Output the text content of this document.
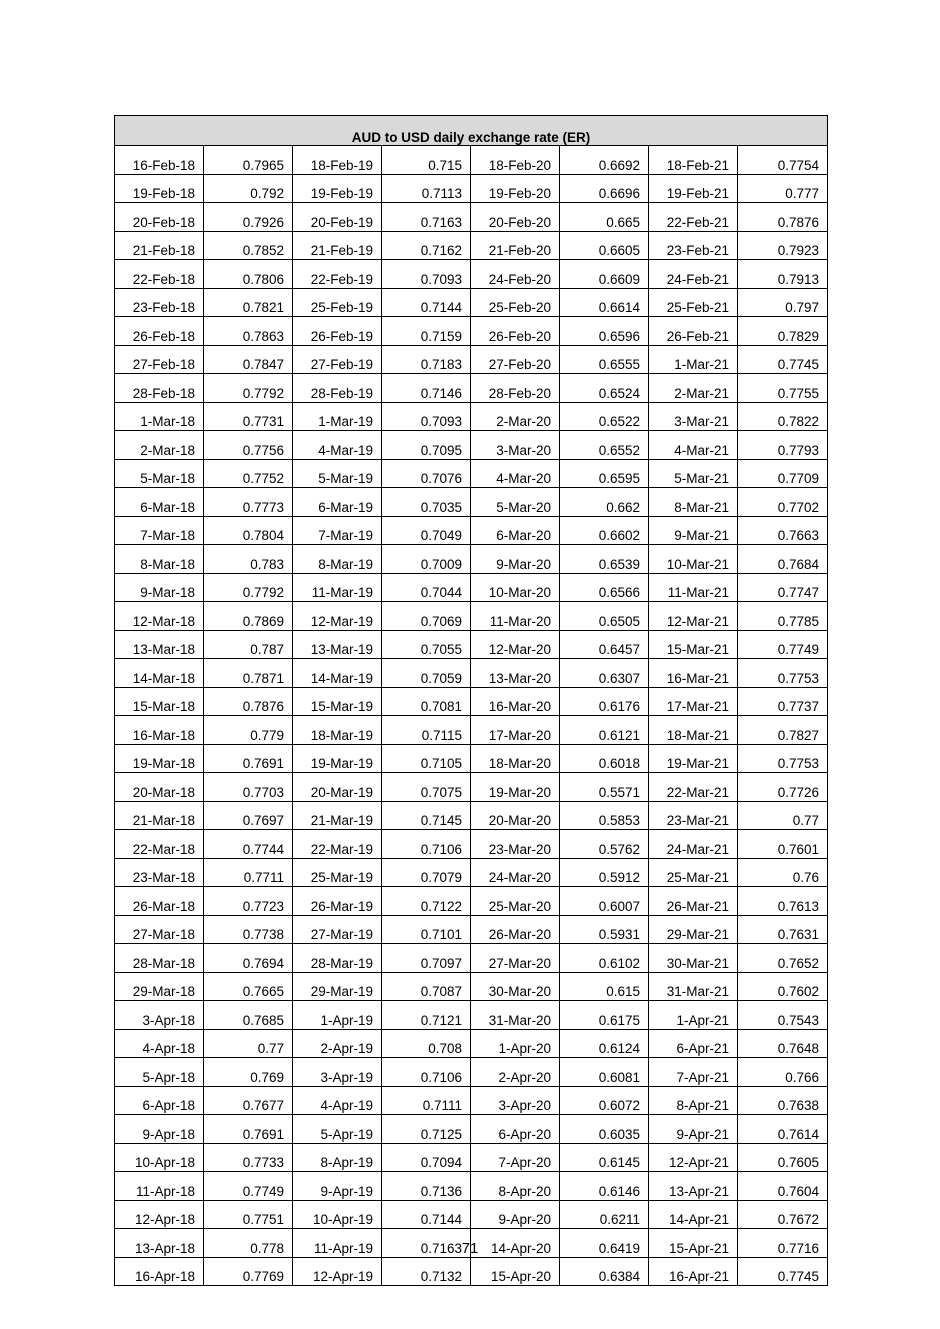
AUD to USD daily exchange rate (ER)							
16-Feb-18	0.7965	18-Feb-19	0.715	18-Feb-20	0.6692	18-Feb-21	0.7754
19-Feb-18	0.792	19-Feb-19	0.7113	19-Feb-20	0.6696	19-Feb-21	0.777
20-Feb-18	0.7926	20-Feb-19	0.7163	20-Feb-20	0.665	22-Feb-21	0.7876
21-Feb-18	0.7852	21-Feb-19	0.7162	21-Feb-20	0.6605	23-Feb-21	0.7923
22-Feb-18	0.7806	22-Feb-19	0.7093	24-Feb-20	0.6609	24-Feb-21	0.7913
23-Feb-18	0.7821	25-Feb-19	0.7144	25-Feb-20	0.6614	25-Feb-21	0.797
26-Feb-18	0.7863	26-Feb-19	0.7159	26-Feb-20	0.6596	26-Feb-21	0.7829
27-Feb-18	0.7847	27-Feb-19	0.7183	27-Feb-20	0.6555	1-Mar-21	0.7745
28-Feb-18	0.7792	28-Feb-19	0.7146	28-Feb-20	0.6524	2-Mar-21	0.7755
1-Mar-18	0.7731	1-Mar-19	0.7093	2-Mar-20	0.6522	3-Mar-21	0.7822
2-Mar-18	0.7756	4-Mar-19	0.7095	3-Mar-20	0.6552	4-Mar-21	0.7793
5-Mar-18	0.7752	5-Mar-19	0.7076	4-Mar-20	0.6595	5-Mar-21	0.7709
6-Mar-18	0.7773	6-Mar-19	0.7035	5-Mar-20	0.662	8-Mar-21	0.7702
7-Mar-18	0.7804	7-Mar-19	0.7049	6-Mar-20	0.6602	9-Mar-21	0.7663
8-Mar-18	0.783	8-Mar-19	0.7009	9-Mar-20	0.6539	10-Mar-21	0.7684
9-Mar-18	0.7792	11-Mar-19	0.7044	10-Mar-20	0.6566	11-Mar-21	0.7747
12-Mar-18	0.7869	12-Mar-19	0.7069	11-Mar-20	0.6505	12-Mar-21	0.7785
13-Mar-18	0.787	13-Mar-19	0.7055	12-Mar-20	0.6457	15-Mar-21	0.7749
14-Mar-18	0.7871	14-Mar-19	0.7059	13-Mar-20	0.6307	16-Mar-21	0.7753
15-Mar-18	0.7876	15-Mar-19	0.7081	16-Mar-20	0.6176	17-Mar-21	0.7737
16-Mar-18	0.779	18-Mar-19	0.7115	17-Mar-20	0.6121	18-Mar-21	0.7827
19-Mar-18	0.7691	19-Mar-19	0.7105	18-Mar-20	0.6018	19-Mar-21	0.7753
20-Mar-18	0.7703	20-Mar-19	0.7075	19-Mar-20	0.5571	22-Mar-21	0.7726
21-Mar-18	0.7697	21-Mar-19	0.7145	20-Mar-20	0.5853	23-Mar-21	0.77
22-Mar-18	0.7744	22-Mar-19	0.7106	23-Mar-20	0.5762	24-Mar-21	0.7601
23-Mar-18	0.7711	25-Mar-19	0.7079	24-Mar-20	0.5912	25-Mar-21	0.76
26-Mar-18	0.7723	26-Mar-19	0.7122	25-Mar-20	0.6007	26-Mar-21	0.7613
27-Mar-18	0.7738	27-Mar-19	0.7101	26-Mar-20	0.5931	29-Mar-21	0.7631
28-Mar-18	0.7694	28-Mar-19	0.7097	27-Mar-20	0.6102	30-Mar-21	0.7652
29-Mar-18	0.7665	29-Mar-19	0.7087	30-Mar-20	0.615	31-Mar-21	0.7602
3-Apr-18	0.7685	1-Apr-19	0.7121	31-Mar-20	0.6175	1-Apr-21	0.7543
4-Apr-18	0.77	2-Apr-19	0.708	1-Apr-20	0.6124	6-Apr-21	0.7648
5-Apr-18	0.769	3-Apr-19	0.7106	2-Apr-20	0.6081	7-Apr-21	0.766
6-Apr-18	0.7677	4-Apr-19	0.7111	3-Apr-20	0.6072	8-Apr-21	0.7638
9-Apr-18	0.7691	5-Apr-19	0.7125	6-Apr-20	0.6035	9-Apr-21	0.7614
10-Apr-18	0.7733	8-Apr-19	0.7094	7-Apr-20	0.6145	12-Apr-21	0.7605
11-Apr-18	0.7749	9-Apr-19	0.7136	8-Apr-20	0.6146	13-Apr-21	0.7604
12-Apr-18	0.7751	10-Apr-19	0.7144	9-Apr-20	0.6211	14-Apr-21	0.7672
13-Apr-18	0.778	11-Apr-19	0.7163	14-Apr-20	0.6419	15-Apr-21	0.7716
16-Apr-18	0.7769	12-Apr-19	0.7132	15-Apr-20	0.6384	16-Apr-21	0.7745
71
